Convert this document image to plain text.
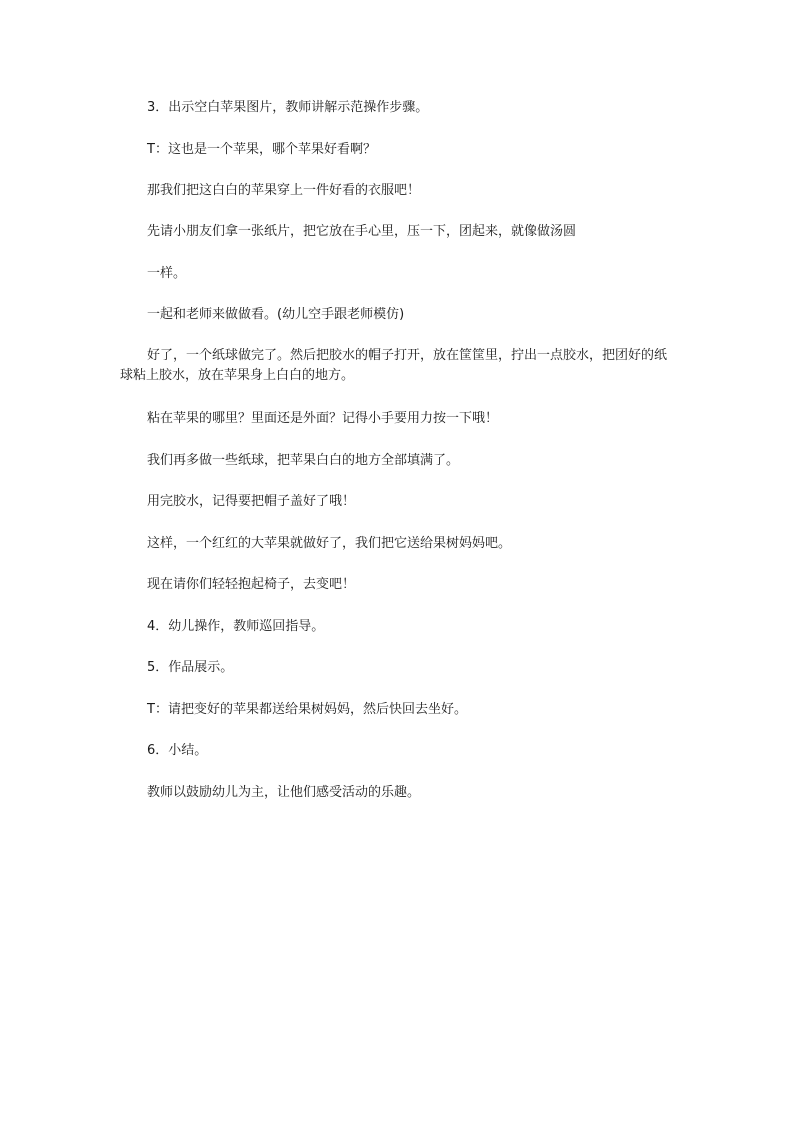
3．出示空白苹果图片，教师讲解示范操作步骤。

T：这也是一个苹果，哪个苹果好看啊？

那我们把这白白的苹果穿上一件好看的衣服吧！

先请小朋友们拿一张纸片，把它放在手心里，压一下，团起来，就像做汤圆

一样。

一起和老师来做做看。(幼儿空手跟老师模仿)

好了，一个纸球做完了。然后把胶水的帽子打开，放在筐筐里，拧出一点胶水，把团好的纸球粘上胶水，放在苹果身上白白的地方。

粘在苹果的哪里？里面还是外面？记得小手要用力按一下哦！

我们再多做一些纸球，把苹果白白的地方全部填满了。

用完胶水，记得要把帽子盖好了哦！

这样，一个红红的大苹果就做好了，我们把它送给果树妈妈吧。

现在请你们轻轻抱起椅子，去变吧！

4．幼儿操作，教师巡回指导。

5．作品展示。

T：请把变好的苹果都送给果树妈妈，然后快回去坐好。

6．小结。

教师以鼓励幼儿为主，让他们感受活动的乐趣。
